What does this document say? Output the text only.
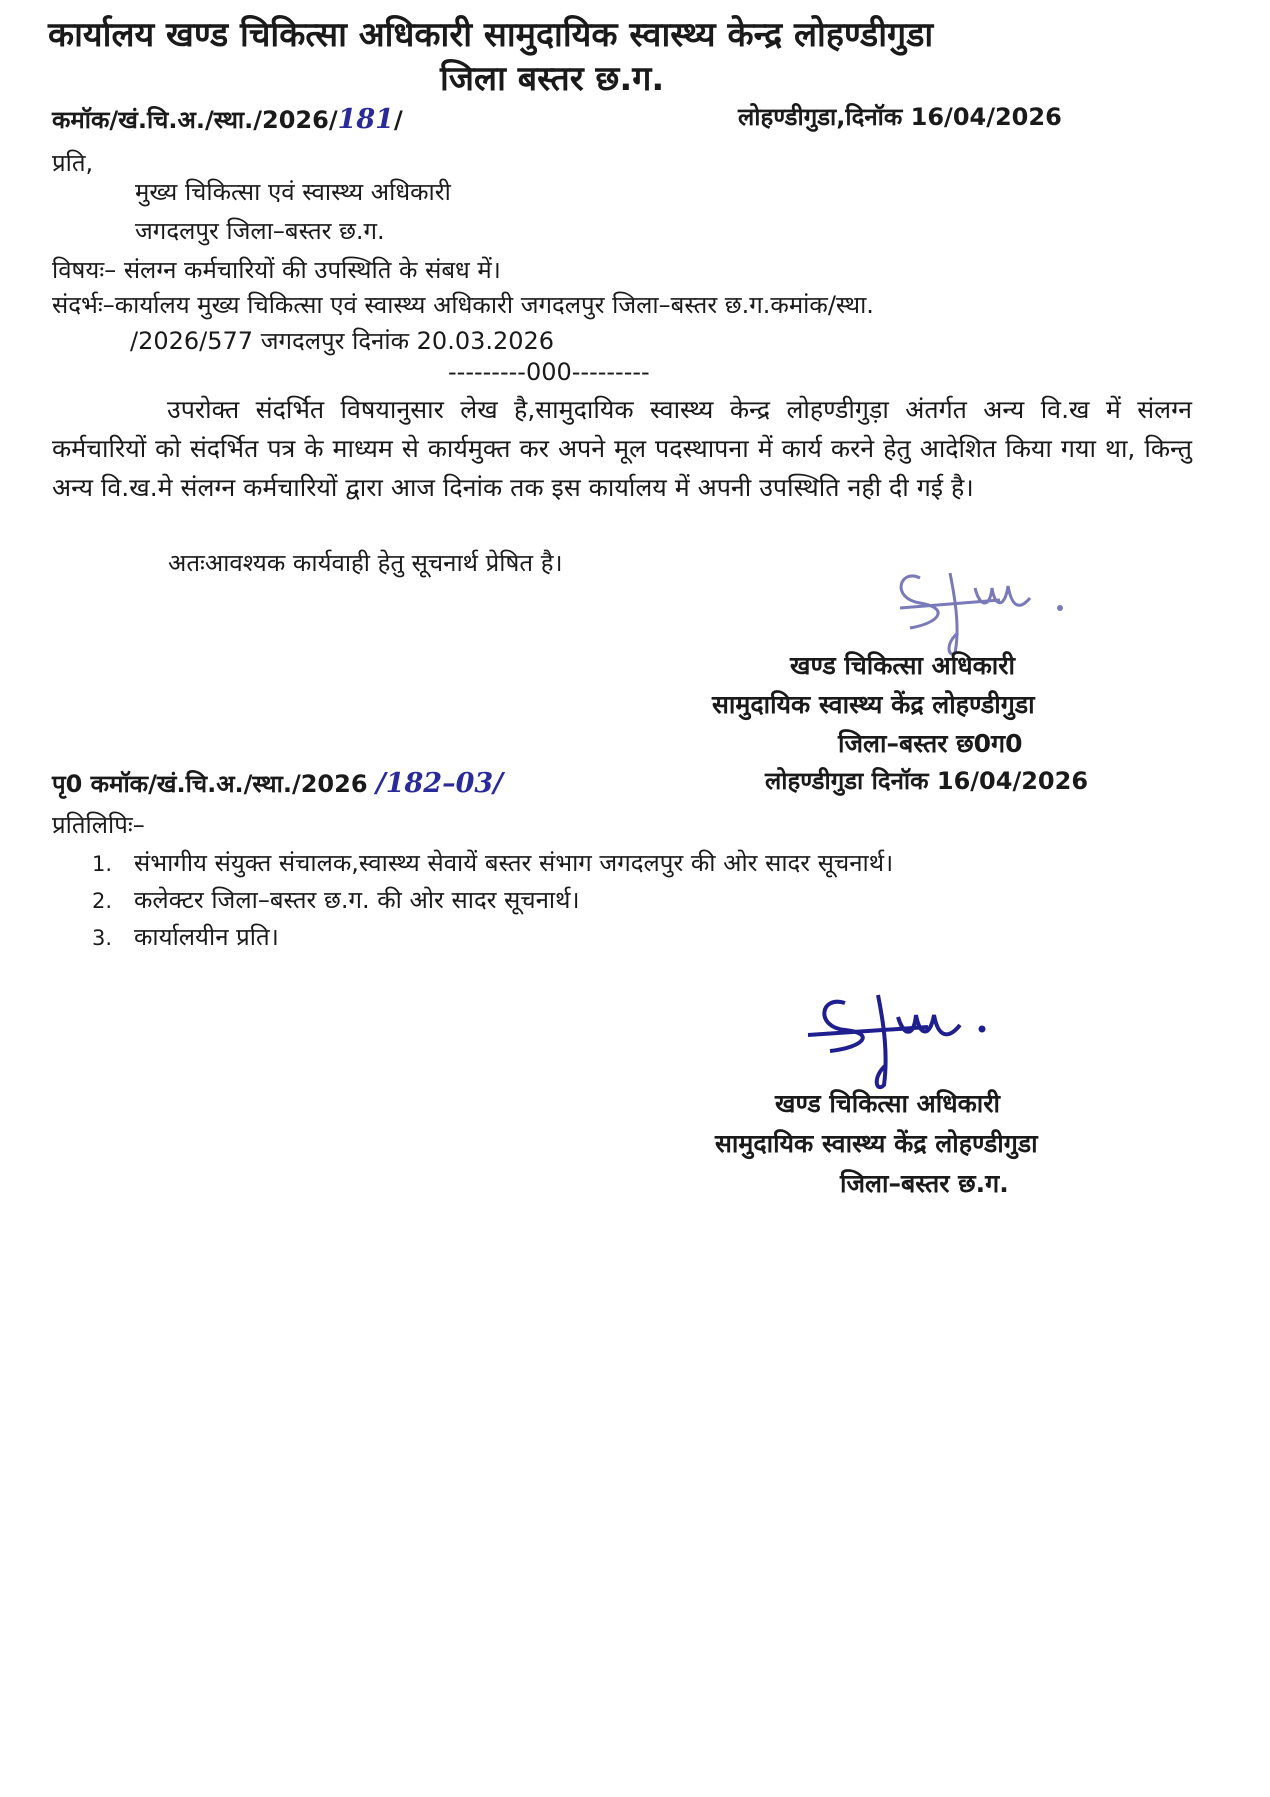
कार्यालय खण्ड चिकित्सा अधिकारी सामुदायिक स्वास्थ्य केन्द्र लोहण्डीगुडा
जिला बस्तर छ.ग.
कमॉक/खं.चि.अ./स्था./2026/181/	लोहण्डीगुडा,दिनॉक 16/04/2026
प्रति,
मुख्य चिकित्सा एवं स्वास्थ्य अधिकारी
जगदलपुर जिला–बस्तर छ.ग.
विषयः– संलग्न कर्मचारियों की उपस्थिति के संबध में।
संदर्भः–कार्यालय मुख्य चिकित्सा एवं स्वास्थ्य अधिकारी जगदलपुर जिला–बस्तर छ.ग.कमांक/स्था.
/2026/577 जगदलपुर दिनांक 20.03.2026
---------000---------
उपरोक्त संदर्भित विषयानुसार लेख है,सामुदायिक स्वास्थ्य केन्द्र लोहण्डीगुड़ा अंतर्गत अन्य वि.ख में संलग्न कर्मचारियों को संदर्भित पत्र के माध्यम से कार्यमुक्त कर अपने मूल पदस्थापना में कार्य करने हेतु आदेशित किया गया था, किन्तु अन्य वि.ख.मे संलग्न कर्मचारियों द्वारा आज दिनांक तक इस कार्यालय में अपनी उपस्थिति नही दी गई है।
अतःआवश्यक कार्यवाही हेतु सूचनार्थ प्रेषित है।
खण्ड चिकित्सा अधिकारी
सामुदायिक स्वास्थ्य केंद्र लोहण्डीगुडा
जिला–बस्तर छ0ग0
पृ0 कमॉक/खं.चि.अ./स्था./2026 /182–03/	लोहण्डीगुडा दिनॉक 16/04/2026
प्रतिलिपिः–
1. संभागीय संयुक्त संचालक,स्वास्थ्य सेवायें बस्तर संभाग जगदलपुर की ओर सादर सूचनार्थ।
2. कलेक्टर जिला–बस्तर छ.ग. की ओर सादर सूचनार्थ।
3. कार्यालयीन प्रति।
खण्ड चिकित्सा अधिकारी
सामुदायिक स्वास्थ्य केंद्र लोहण्डीगुडा
जिला–बस्तर छ.ग.
